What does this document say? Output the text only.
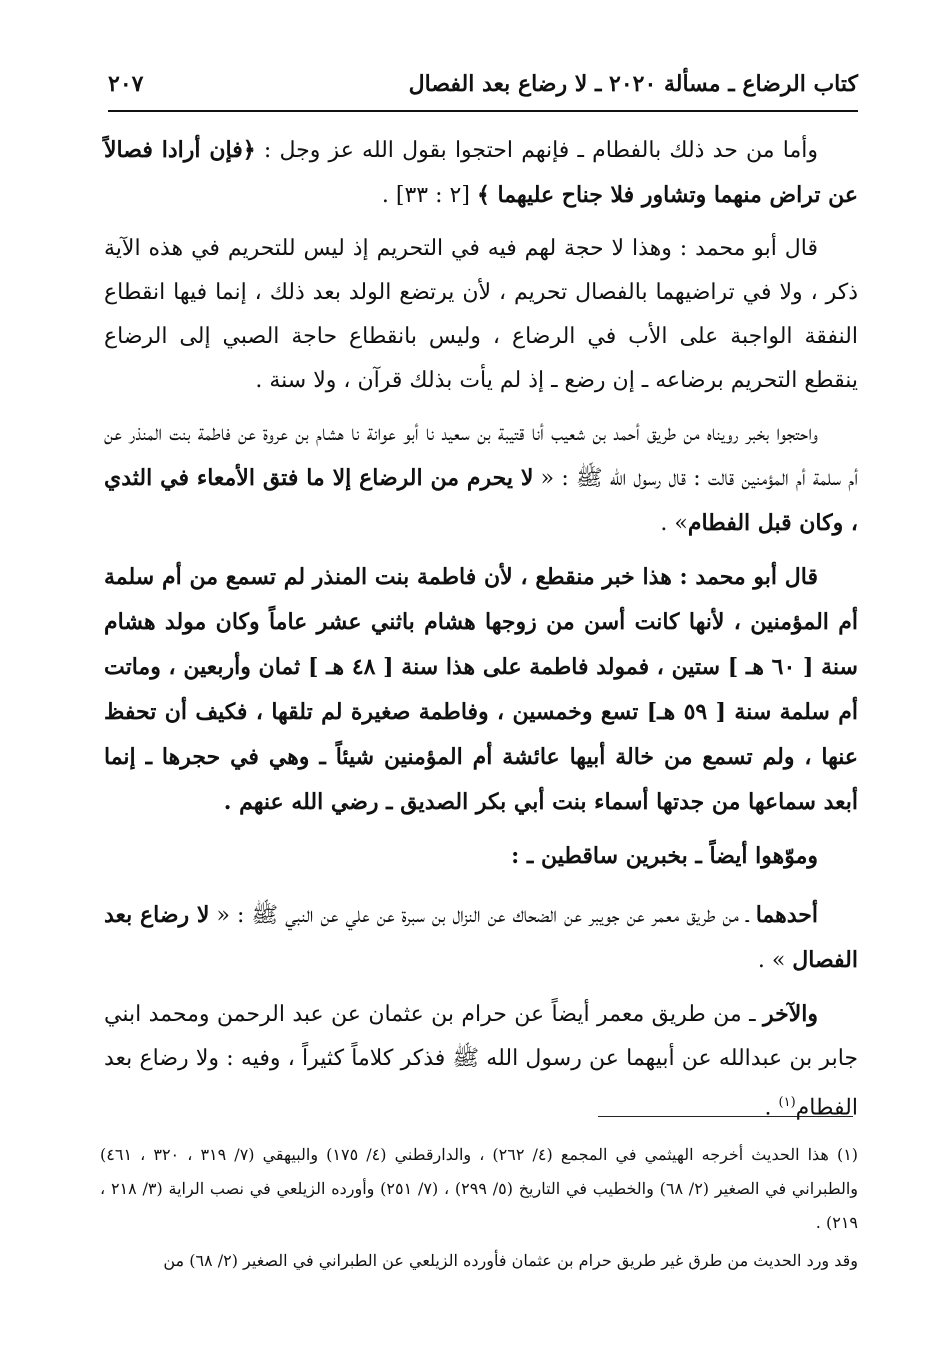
كتاب الرضاع ـ مسألة ٢٠٢٠ ـ لا رضاع بعد الفصال
٢٠٧

وأما من حد ذلك بالفطام ـ فإنهم احتجوا بقول الله عز وجل : ﴿فإن أرادا فصالاً عن تراض منهما وتشاور فلا جناح عليهما ﴾ [٢ : ٣٣] .

قال أبو محمد : وهذا لا حجة لهم فيه في التحريم إذ ليس للتحريم في هذه الآية ذكر ، ولا في تراضيهما بالفصال تحريم ، لأن يرتضع الولد بعد ذلك ، إنما فيها انقطاع النفقة الواجبة على الأب في الرضاع ، وليس بانقطاع حاجة الصبي إلى الرضاع ينقطع التحريم برضاعه ـ إن رضع ـ إذ لم يأت بذلك قرآن ، ولا سنة .

واحتجوا بخبر رويناه من طريق أحمد بن شعيب أنا قتيبة بن سعيد نا أبو عوانة نا هشام بن عروة عن فاطمة بنت المنذر عن أم سلمة أم المؤمنين قالت : قال رسول الله ﷺ : « لا يحرم من الرضاع إلا ما فتق الأمعاء في الثدي ، وكان قبل الفطام» .

قال أبو محمد : هذا خبر منقطع ، لأن فاطمة بنت المنذر لم تسمع من أم سلمة أم المؤمنين ، لأنها كانت أسن من زوجها هشام باثني عشر عاماً وكان مولد هشام سنة [ ٦٠ هـ ] ستين ، فمولد فاطمة على هذا سنة [ ٤٨ هـ ] ثمان وأربعين ، وماتت أم سلمة سنة [ ٥٩ هـ] تسع وخمسين ، وفاطمة صغيرة لم تلقها ، فكيف أن تحفظ عنها ، ولم تسمع من خالة أبيها عائشة أم المؤمنين شيئاً ـ وهي في حجرها ـ إنما أبعد سماعها من جدتها أسماء بنت أبي بكر الصديق ـ رضي الله عنهم .

وموّهوا أيضاً ـ بخبرين ساقطين ـ :

أحدهما ـ من طريق معمر عن جويبر عن الضحاك عن النزال بن سبرة عن علي عن النبي ﷺ : « لا رضاع بعد الفصال » .

والآخر ـ من طريق معمر أيضاً عن حرام بن عثمان عن عبد الرحمن ومحمد ابني جابر بن عبدالله عن أبيهما عن رسول الله ﷺ فذكر كلاماً كثيراً ، وفيه : ولا رضاع بعد الفطام$^{(١)}$ .

(١) هذا الحديث أخرجه الهيثمي في المجمع (٤/ ٢٦٢) ، والدارقطني (٤/ ١٧٥) والبيهقي (٧/ ٣١٩ ، ٣٢٠ ، ٤٦١) والطبراني في الصغير (٢/ ٦٨) والخطيب في التاريخ (٥/ ٢٩٩) ، (٧/ ٢٥١) وأورده الزيلعي في نصب الراية (٣/ ٢١٨ ، ٢١٩) .

وقد ورد الحديث من طرق غير طريق حرام بن عثمان فأورده الزيلعي عن الطبراني في الصغير (٢/ ٦٨) من
